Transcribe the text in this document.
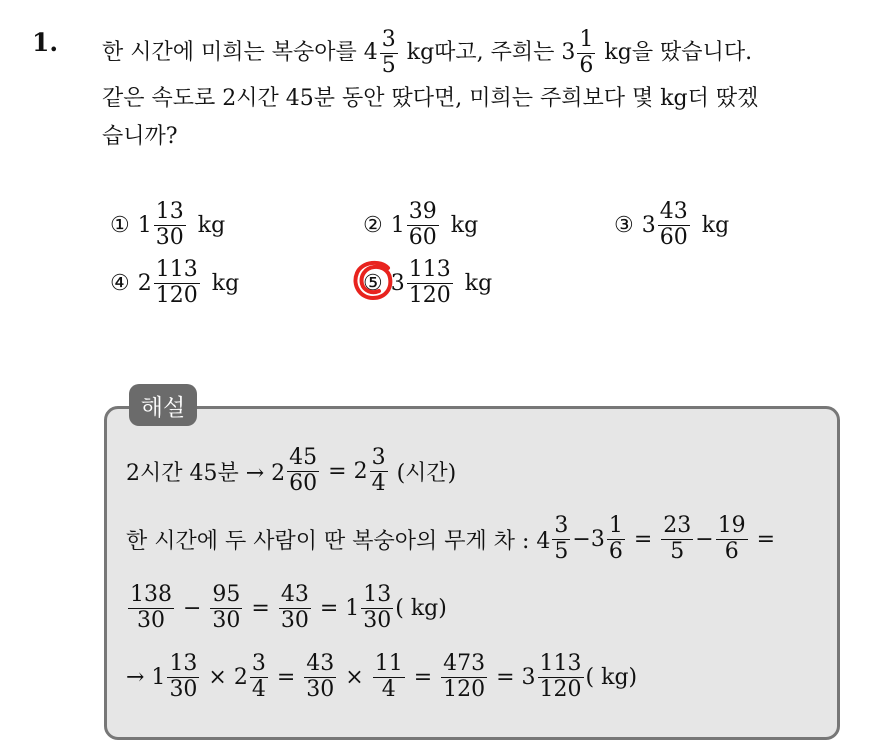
1. 한 시간에 미희는 복숭아를 $4 \frac{3}{5}$ kg따고, 주희는 $3 \frac{1}{6}$ kg을 땄습니다.
같은 속도로 2시간 45분 동안 땄다면, 미희는 주희보다 몇 kg더 땄겠
습니까?
① $1 \frac{13}{30}$ kg	② $1 \frac{39}{60}$ kg	③ $3 \frac{43}{60}$ kg
④ $2 \frac{113}{120}$ kg	⑤ $3 \frac{113}{120}$ kg
해설
2시간 45분 → $2 \frac{45}{60} = 2 \frac{3}{4}$ (시간)
한 시간에 두 사람이 딴 복숭아의 무게 차 : $4 \frac{3}{5} -3 \frac{1}{6} = \frac{23}{5} - \frac{19}{6}$ =
$\frac{138}{30} - \frac{95}{30} = \frac{43}{30} = 1 \frac{13}{30}$ ( kg)
→ $1 \frac{13}{30} \times 2 \frac{3}{4} = \frac{43}{30} \times \frac{11}{4} = \frac{473}{120} = 3 \frac{113}{120}$ ( kg)
